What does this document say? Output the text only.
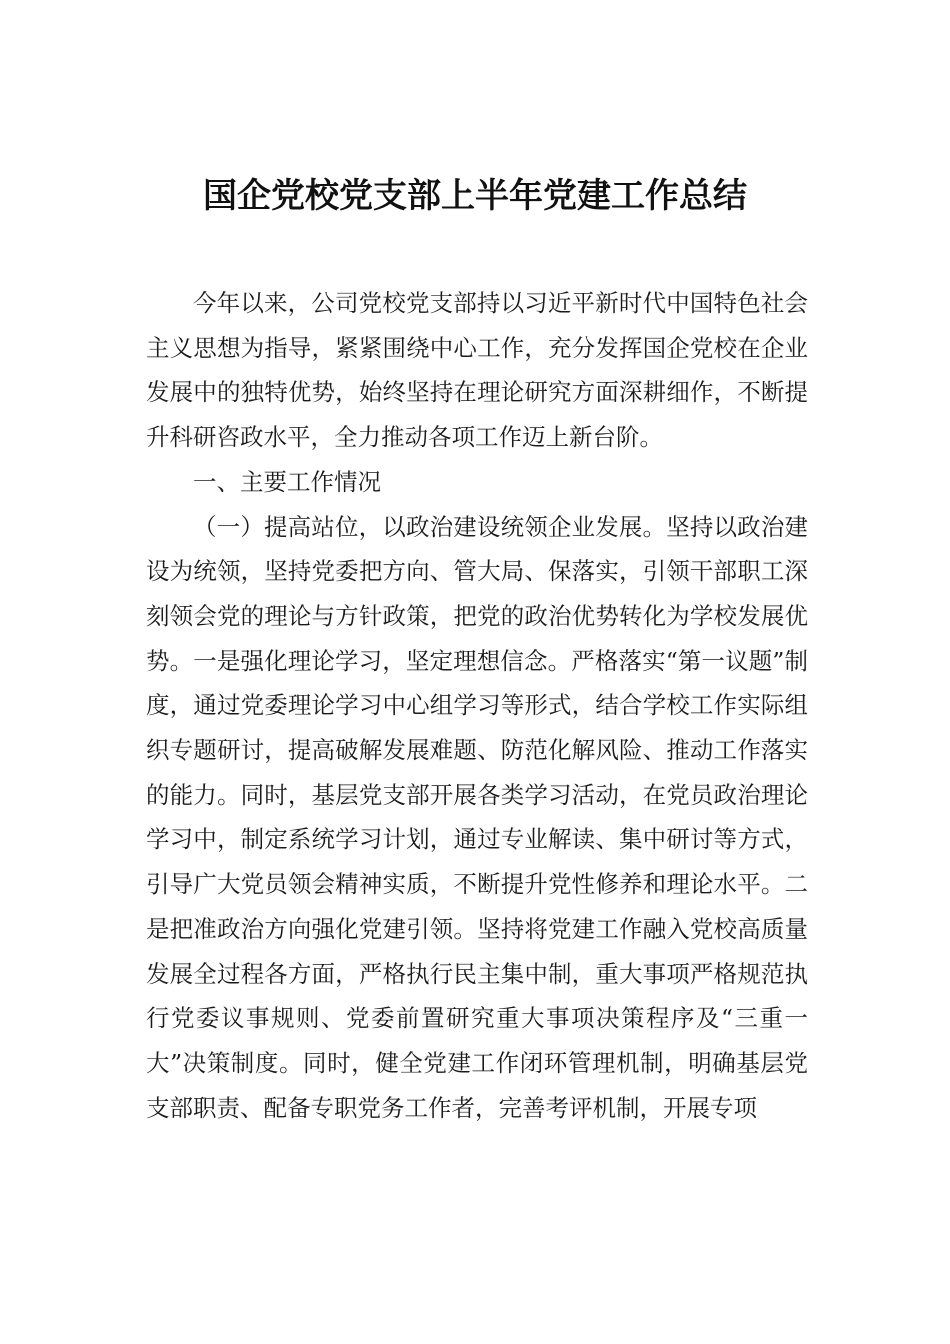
国企党校党支部上半年党建工作总结

今年以来，公司党校党支部持以习近平新时代中国特色社会主义思想为指导，紧紧围绕中心工作，充分发挥国企党校在企业发展中的独特优势，始终坚持在理论研究方面深耕细作，不断提升科研咨政水平，全力推动各项工作迈上新台阶。

一、主要工作情况

（一）提高站位，以政治建设统领企业发展。坚持以政治建设为统领，坚持党委把方向、管大局、保落实，引领干部职工深刻领会党的理论与方针政策，把党的政治优势转化为学校发展优势。一是强化理论学习，坚定理想信念。严格落实“第一议题”制度，通过党委理论学习中心组学习等形式，结合学校工作实际组织专题研讨，提高破解发展难题、防范化解风险、推动工作落实的能力。同时，基层党支部开展各类学习活动，在党员政治理论学习中，制定系统学习计划，通过专业解读、集中研讨等方式，引导广大党员领会精神实质，不断提升党性修养和理论水平。二是把准政治方向强化党建引领。坚持将党建工作融入党校高质量发展全过程各方面，严格执行民主集中制，重大事项严格规范执行党委议事规则、党委前置研究重大事项决策程序及“三重一大”决策制度。同时，健全党建工作闭环管理机制，明确基层党支部职责、配备专职党务工作者，完善考评机制，开展专项
